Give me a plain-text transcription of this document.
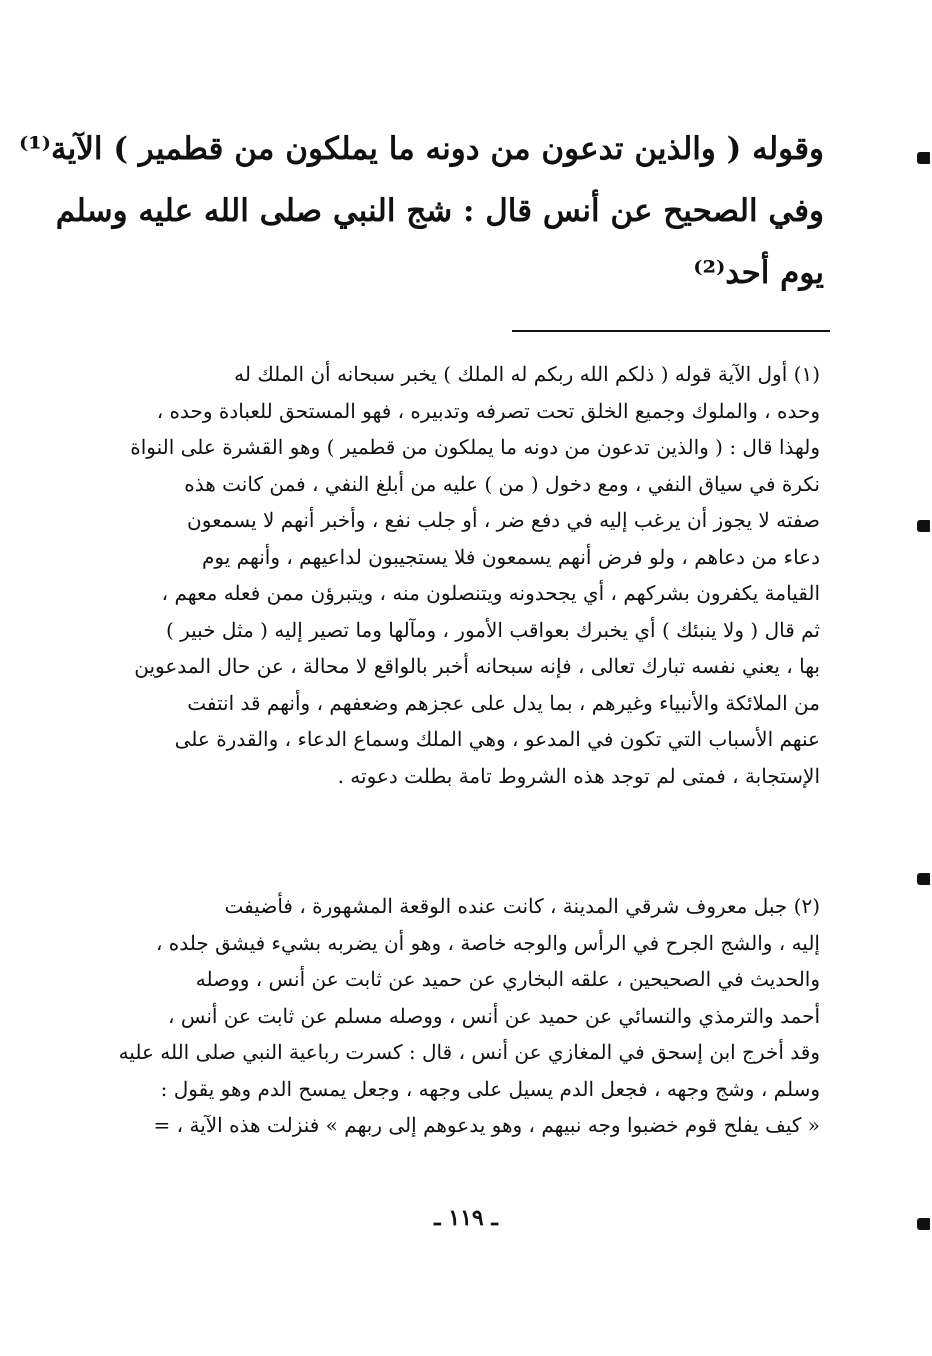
وقوله ( والذين تدعون من دونه ما يملكون من قطمير ) الآية⁽¹⁾
وفي الصحيح عن أنس قال : شج النبي صلى الله عليه وسلم
يوم أحد⁽²⁾
(١) أول الآية قوله ( ذلكم الله ربكم له الملك ) يخبر سبحانه أن الملك له
وحده ، والملوك وجميع الخلق تحت تصرفه وتدبيره ، فهو المستحق للعبادة وحده ،
ولهذا قال : ( والذين تدعون من دونه ما يملكون من قطمير ) وهو القشرة على النواة
نكرة في سياق النفي ، ومع دخول ( من ) عليه من أبلغ النفي ، فمن كانت هذه
صفته لا يجوز أن يرغب إليه في دفع ضر ، أو جلب نفع ، وأخبر أنهم لا يسمعون
دعاء من دعاهم ، ولو فرض أنهم يسمعون فلا يستجيبون لداعيهم ، وأنهم يوم
القيامة يكفرون بشركهم ، أي يجحدونه ويتنصلون منه ، ويتبرؤن ممن فعله معهم ،
ثم قال ( ولا ينبئك ) أي يخبرك بعواقب الأمور ، ومآلها وما تصير إليه ( مثل خبير )
بها ، يعني نفسه تبارك تعالى ، فإنه سبحانه أخبر بالواقع لا محالة ، عن حال المدعوين
من الملائكة والأنبياء وغيرهم ، بما يدل على عجزهم وضعفهم ، وأنهم قد انتفت
عنهم الأسباب التي تكون في المدعو ، وهي الملك وسماع الدعاء ، والقدرة على
الإستجابة ، فمتى لم توجد هذه الشروط تامة بطلت دعوته .
(٢) جبل معروف شرقي المدينة ، كانت عنده الوقعة المشهورة ، فأضيفت
إليه ، والشج الجرح في الرأس والوجه خاصة ، وهو أن يضربه بشيء فيشق جلده ،
والحديث في الصحيحين ، علقه البخاري عن حميد عن ثابت عن أنس ، ووصله
أحمد والترمذي والنسائي عن حميد عن أنس ، ووصله مسلم عن ثابت عن أنس ،
وقد أخرج ابن إسحق في المغازي عن أنس ، قال : كسرت رباعية النبي صلى الله عليه
وسلم ، وشج وجهه ، فجعل الدم يسيل على وجهه ، وجعل يمسح الدم وهو يقول :
« كيف يفلح قوم خضبوا وجه نبيهم ، وهو يدعوهم إلى ربهم » فنزلت هذه الآية ، =
ـ ١١٩ ـ
